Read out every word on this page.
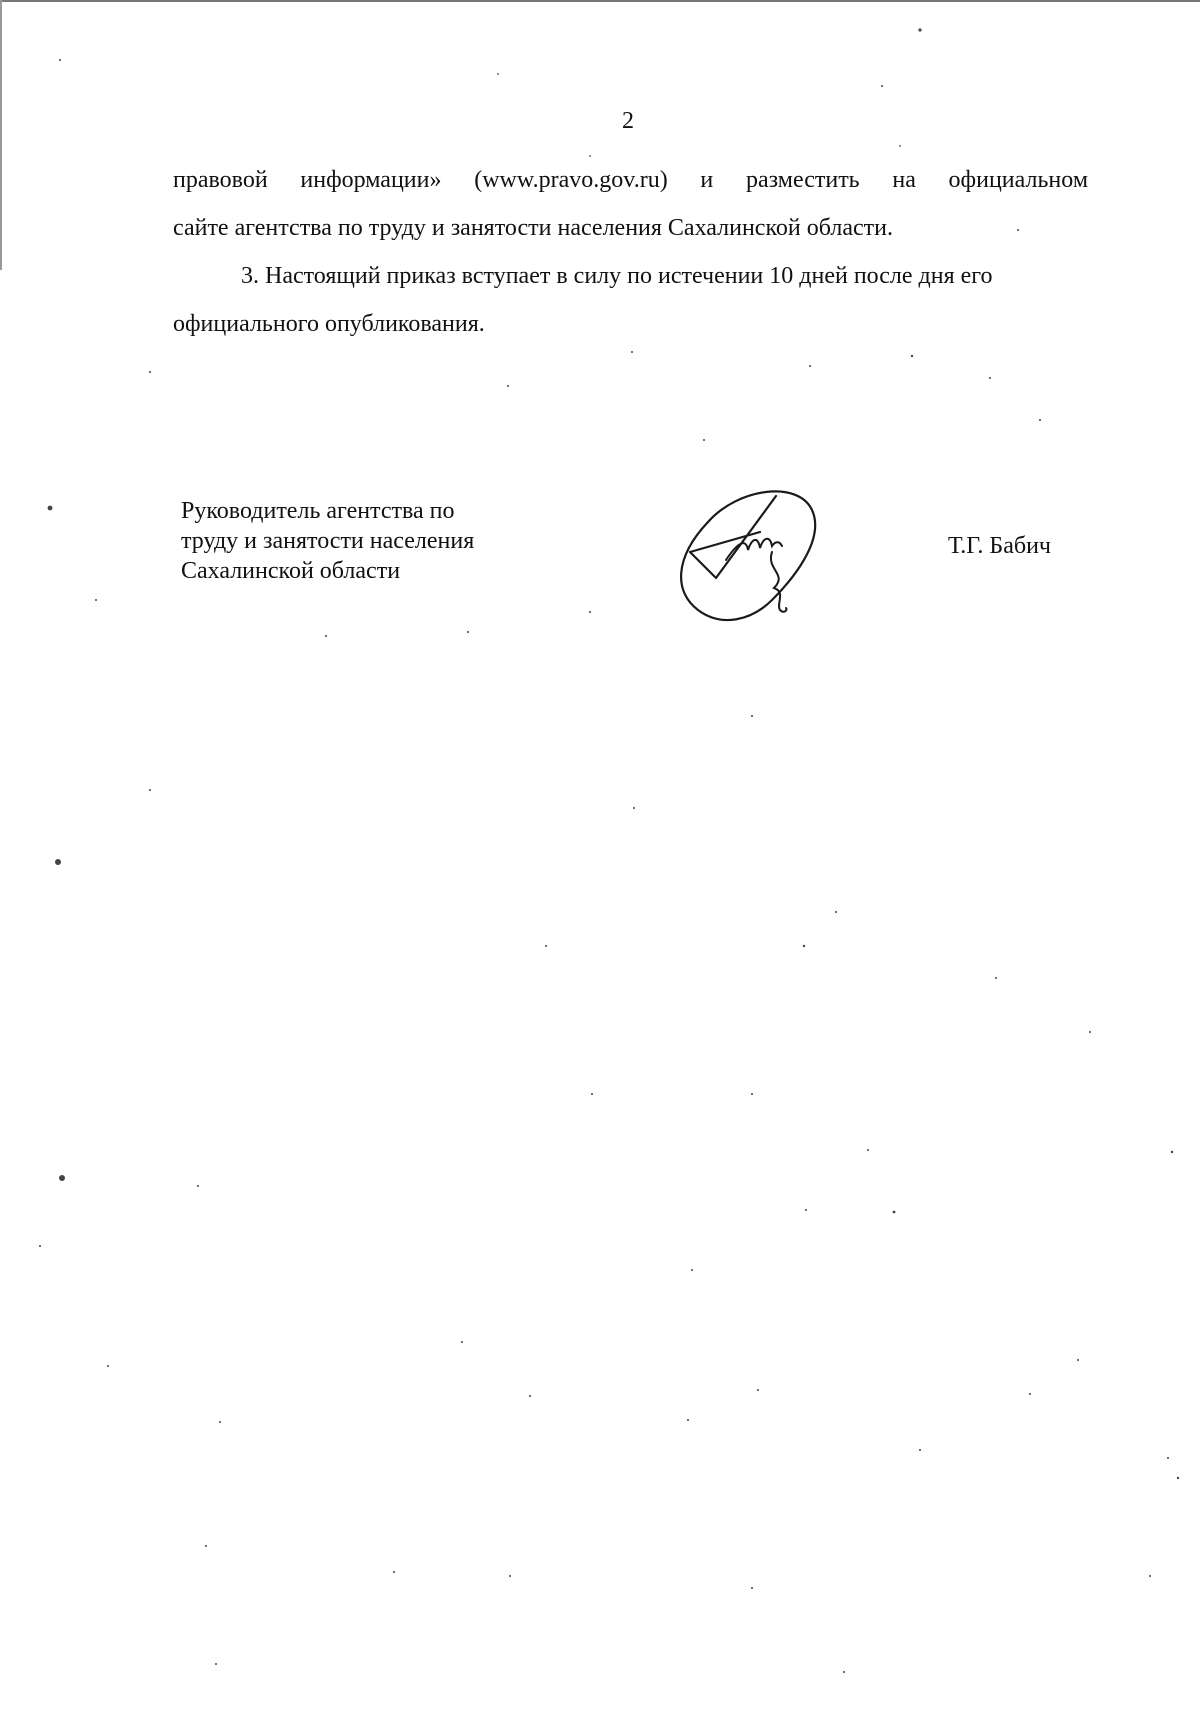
2

правовой информации» (www.pravo.gov.ru) и разместить на официальном

сайте агентства по труду и занятости населения Сахалинской области.

3. Настоящий приказ вступает в силу по истечении 10 дней после дня его

официального опубликования.

Руководитель агентства по
труду и занятости населения
Сахалинской области
Т.Г. Бабич
